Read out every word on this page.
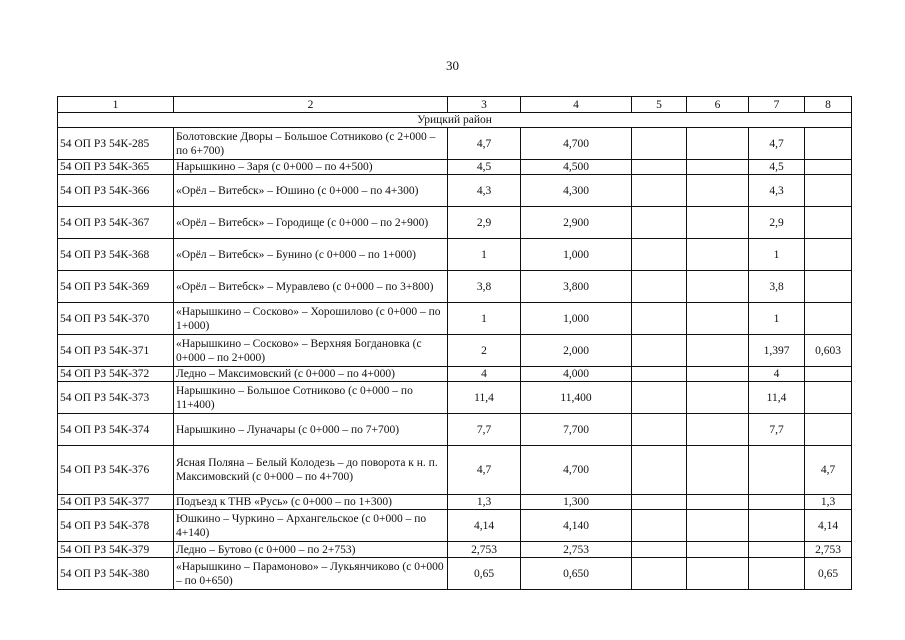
30
1	2	3	4	5	6	7	8
Урицкий район							
54 ОП РЗ 54К-285	Болотовские Дворы – Большое Сотниково (с 2+000 – по 6+700)	4,7	4,700			4,7	
54 ОП РЗ 54К-365	Нарышкино – Заря (с 0+000 – по 4+500)	4,5	4,500			4,5	
54 ОП РЗ 54К-366	«Орёл – Витебск» – Юшино (с 0+000 – по 4+300)	4,3	4,300			4,3	
54 ОП РЗ 54К-367	«Орёл – Витебск» – Городище (с 0+000 – по 2+900)	2,9	2,900			2,9	
54 ОП РЗ 54К-368	«Орёл – Витебск» – Бунино (с 0+000 – по 1+000)	1	1,000			1	
54 ОП РЗ 54К-369	«Орёл – Витебск» – Муравлево (с 0+000 – по 3+800)	3,8	3,800			3,8	
54 ОП РЗ 54К-370	«Нарышкино – Сосково» – Хорошилово (с 0+000 – по 1+000)	1	1,000			1	
54 ОП РЗ 54К-371	«Нарышкино – Сосково» – Верхняя Богдановка (с 0+000 – по 2+000)	2	2,000			1,397	0,603
54 ОП РЗ 54К-372	Ледно – Максимовский (с 0+000 – по 4+000)	4	4,000			4	
54 ОП РЗ 54К-373	Нарышкино – Большое Сотниково (с 0+000 – по 11+400)	11,4	11,400			11,4	
54 ОП РЗ 54К-374	Нарышкино – Луначары (с 0+000 – по 7+700)	7,7	7,700			7,7	
54 ОП РЗ 54К-376	Ясная Поляна – Белый Колодезь – до поворота к н. п. Максимовский (с 0+000 – по 4+700)	4,7	4,700				4,7
54 ОП РЗ 54К-377	Подъезд к ТНВ «Русь» (с 0+000 – по 1+300)	1,3	1,300				1,3
54 ОП РЗ 54К-378	Юшкино – Чуркино – Архангельское (с 0+000 – по 4+140)	4,14	4,140				4,14
54 ОП РЗ 54К-379	Ледно – Бутово (с 0+000 – по 2+753)	2,753	2,753				2,753
54 ОП РЗ 54К-380	«Нарышкино – Парамоново» – Лукьянчиково (с 0+000 – по 0+650)	0,65	0,650				0,65
